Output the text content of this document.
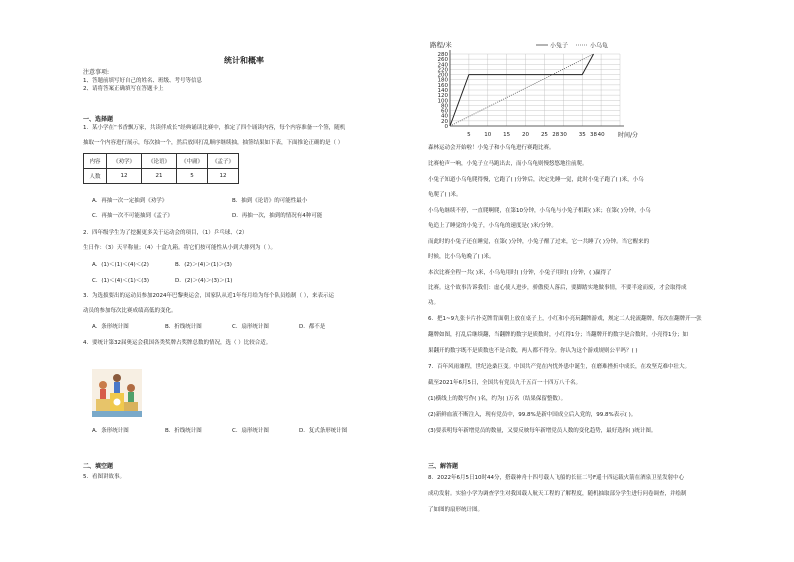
统计和概率
注意事项:
1、答题前填写好自己的姓名、班级、考号等信息
2、请将答案正确填写在答题卡上
一、选择题
1．某小学在“书香飘万家，共读伴成长”经典诵读比赛中，推定了四个诵读内容，每个内容准备一个签，随机
抽取一个内容进行展示，每次抽一个，然后放回打乱顺序继续抽，抽签结果如下表，下面推论正确的是（ ）
内容	《劝学》	《论语》	《中庸》	《孟子》
人数	12	21	5	12
A．再抽一次一定抽到《劝学》	B．抽到《论语》的可能性最小
C．再抽一次不可能抽到《孟子》	D．再抽一次，抽到的情况有4种可能
2．四年级学生为了挖掘更多关于运动会的项目，（1）乒乓球、（2）
生日作：（3）天平称量；（4）十盒九箱。将它们按可能性从小到大排列为（ ）。
A．(1)＜(1)＜(4)＜(2)	B．(2)＞(4)＞(1)＞(3)
C．(1)＜(4)＜(1)＜(3)	D．(2)＞(4)＞(3)＞(1)
3．为选拔要出的运动员参加2024年巴黎奥运会，国家队从近1年每月给为每个队员绘制（ ），来表示运
动员的参加每次比赛成绩高低的变化。
A．条形统计图	B．折线统计图	C．扇形统计图	D．都不是
4．要统计第32届奥运会我国各类奖牌占奖牌总数的情况，选（ ）比较合适。
A．条形统计图	B．折线统计图	C．扇形统计图	D．复式条形统计图
二、填空题
5．看图讲故事。
0
20
40
60
80
100
120
140
160
180
200
220
240
260
280
5 10 15 20 25 28 30 35 38 40
路程/米
时间/分
小兔子	小乌龟
森林运动会开始啦！小兔子和小乌龟进行赛跑比赛。
比赛枪声一响，小兔子立马跑出去，而小乌龟则慢悠悠地往前爬。
小兔子知道小乌龟爬得慢，它跑了( )分钟后，决定先睡一觉，此时小兔子跑了( )米，小乌
龟爬了( )米。
小乌龟继续不停，一直爬啊爬，在第10分钟，小乌龟与小兔子相距( )米；在第( )分钟，小乌
龟追上了睡觉的小兔子，小乌龟的速度是( )米/分钟。
而此时的小兔子还在睡觉，在第( )分钟，小兔子醒了过来，它一共睡了( )分钟。当它醒来的
时候，比小乌龟晚了( )米。
本次比赛全程一共( )米，小乌龟用时( )分钟，小兔子用时( )分钟，( )赢得了
比赛。这个故事告诉我们：虚心使人进步，骄傲使人落后，要脚踏实地做事情，不要半途而废，才会取得成
功。
6．把1~9九张卡片扑克牌背面朝上放在桌子上，小红和小亮玩翻牌游戏，规定二人轮流翻牌，每次在翻牌开一张
翻牌如图，打乱后继续翻，当翻牌的数字是质数时，小红得1分；当翻牌开的数字是合数时，小亮得1分；如
果翻开的数字既不是质数也不是合数，两人都不得分。你认为这个游戏规则公平吗？( )
7．百年风雨兼程，世纪沧桑巨变。中国共产党在内忧外患中诞生，在磨难挫折中成长，在攻坚克难中壮大。
截至2021年6月5日，全国共有党员九千五百一十四万八千名。
(1)横线上的数写作( )名，约为( )万名（结果保留整数）。
(2)新鲜血液不断注入，现有党员中，99.8%是新中国成立后入党的，99.8%表示( )。
(3)要表明每年新增党员的数量，又要反映每年新增党员人数的变化趋势，最好选择( )统计图。
三、解答题
8．2022年6月5日10时44分，搭载神舟十四号载人飞船的长征二号F遥十四运载火箭在酒泉卫星发射中心
成功发射。实验小学为调查学生对我国载人航天工程的了解程度，随机抽取部分学生进行问卷调查，并绘制
了如图的扇形统计图。
